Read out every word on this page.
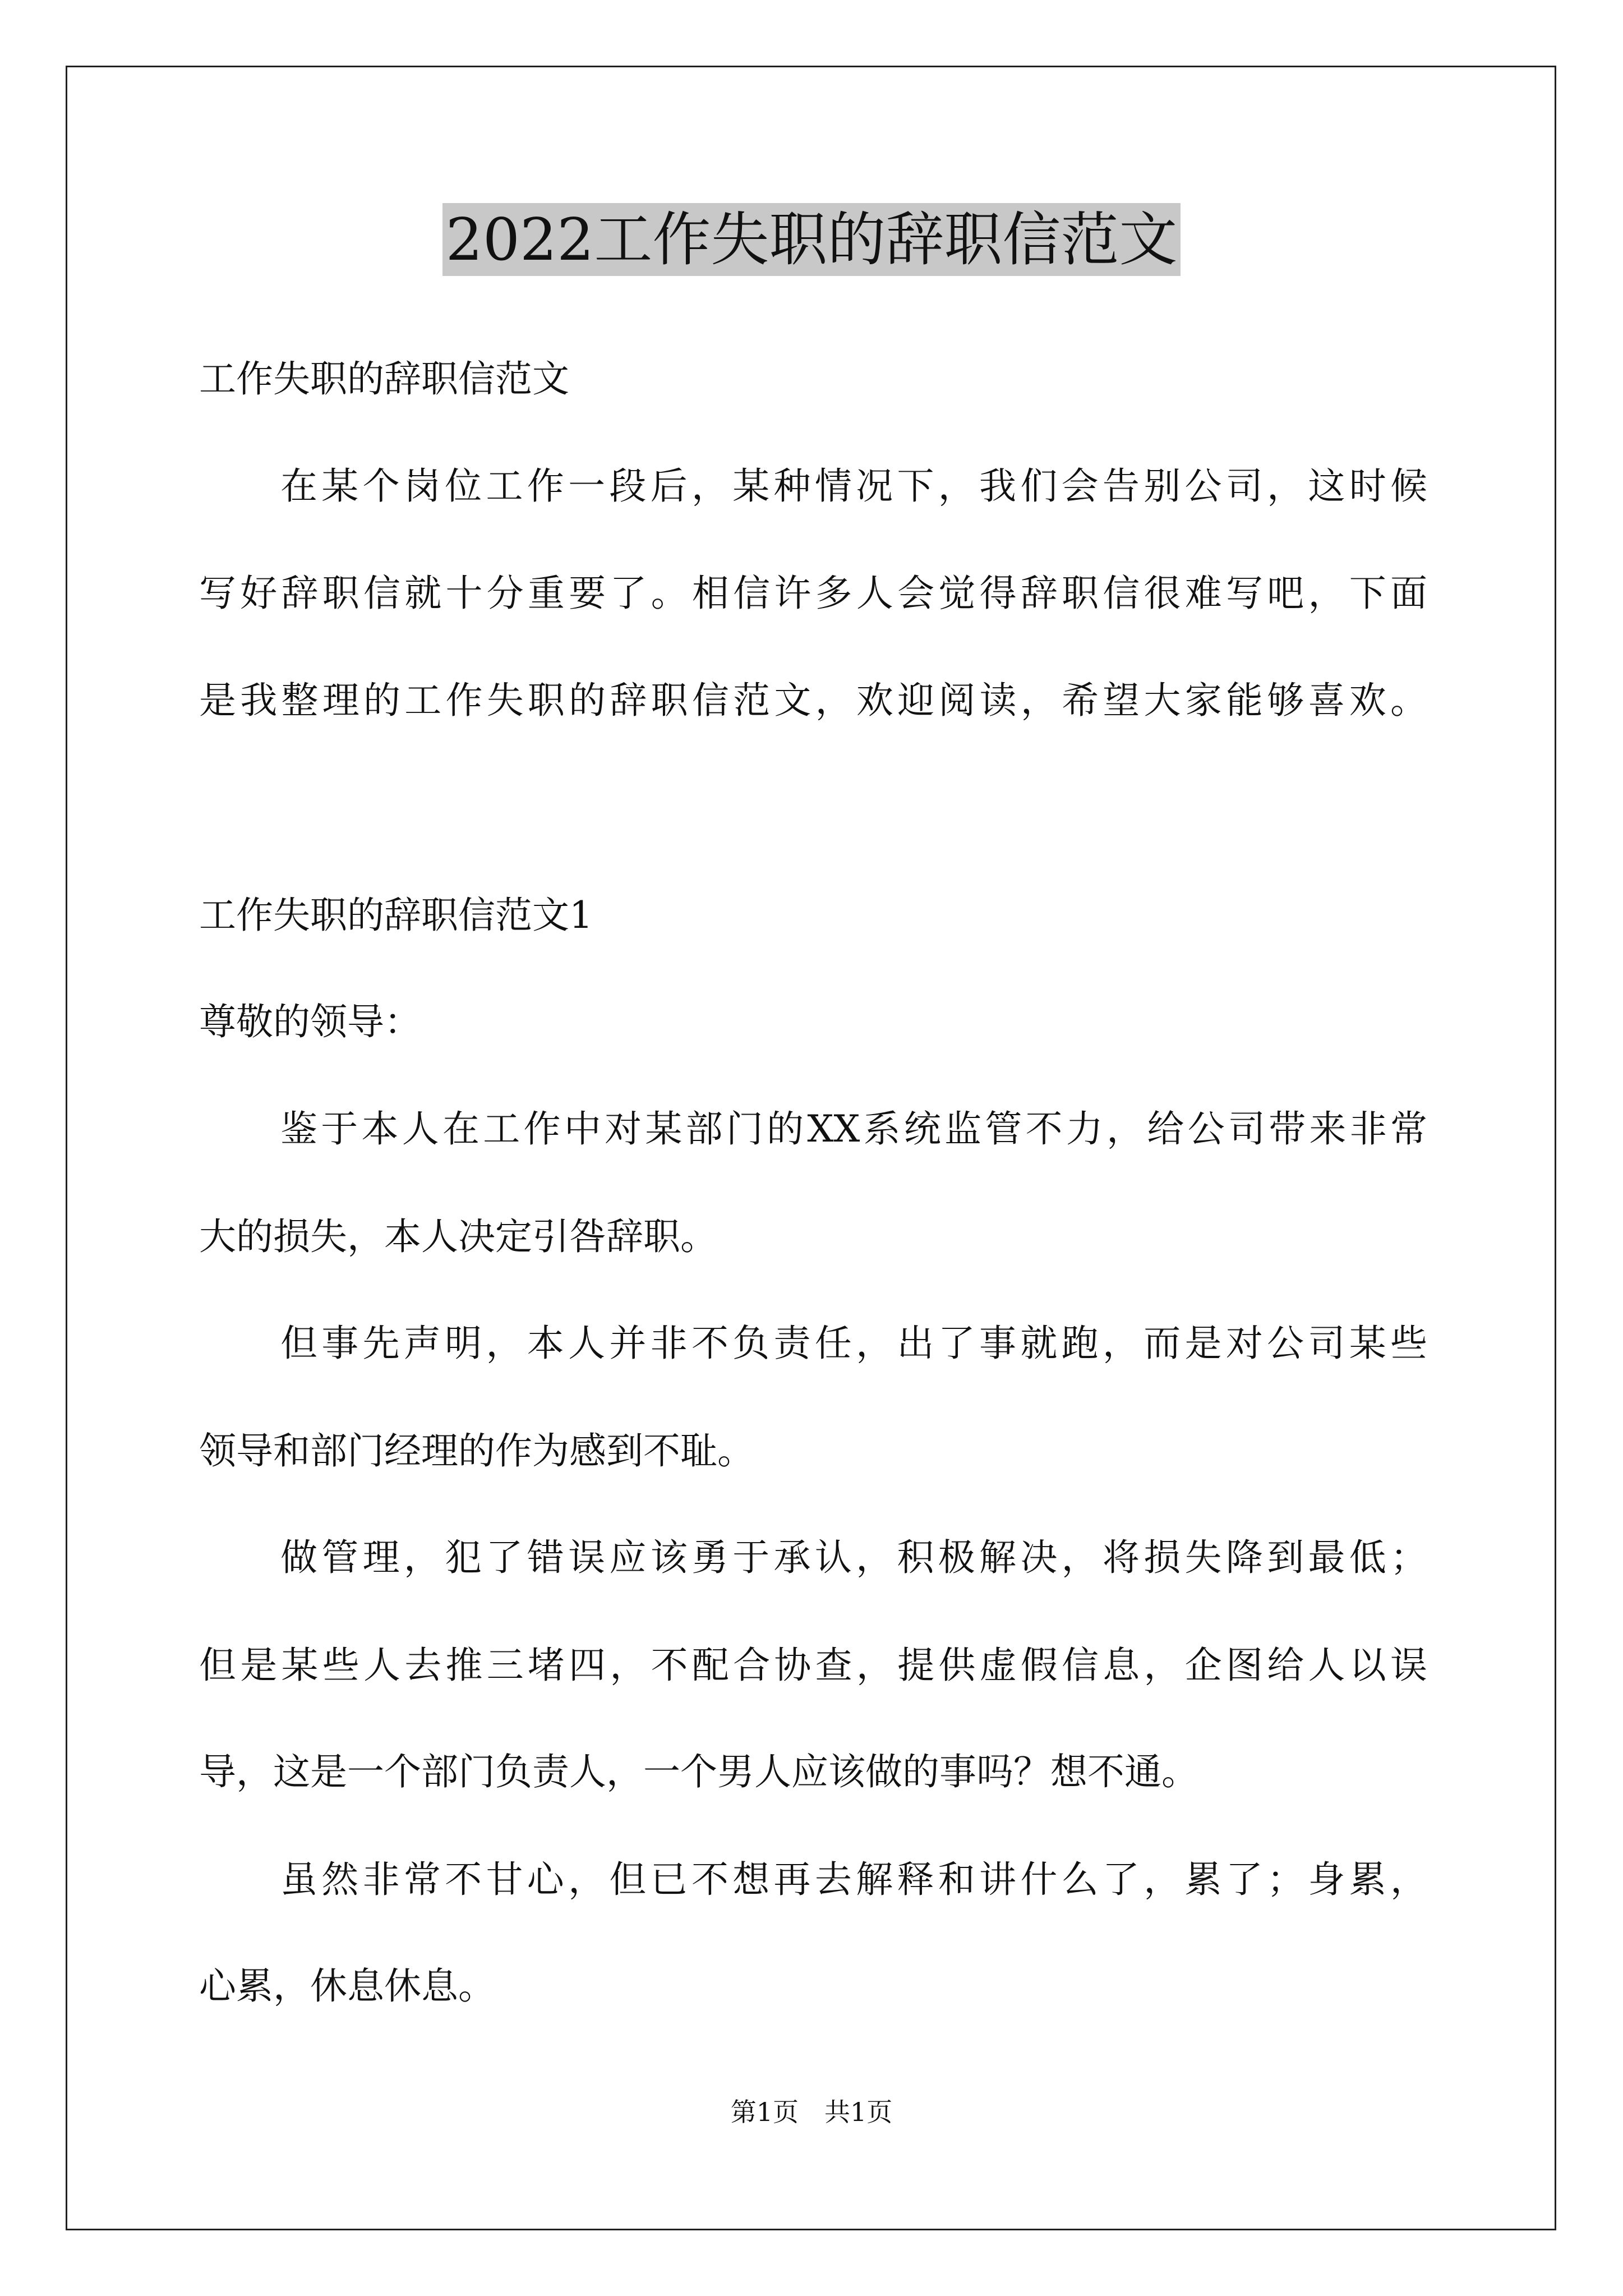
2022工作失职的辞职信范文
工作失职的辞职信范文
在某个岗位工作一段后，某种情况下，我们会告别公司，这时候
写好辞职信就十分重要了。相信许多人会觉得辞职信很难写吧，下面
是我整理的工作失职的辞职信范文，欢迎阅读，希望大家能够喜欢。
工作失职的辞职信范文1
尊敬的领导：
鉴于本人在工作中对某部门的XX系统监管不力，给公司带来非常
大的损失，本人决定引咎辞职。
但事先声明，本人并非不负责任，出了事就跑，而是对公司某些
领导和部门经理的作为感到不耻。
做管理，犯了错误应该勇于承认，积极解决，将损失降到最低；
但是某些人去推三堵四，不配合协查，提供虚假信息，企图给人以误
导，这是一个部门负责人，一个男人应该做的事吗？想不通。
虽然非常不甘心，但已不想再去解释和讲什么了，累了；身累，
心累，休息休息。
第1页　共1页
